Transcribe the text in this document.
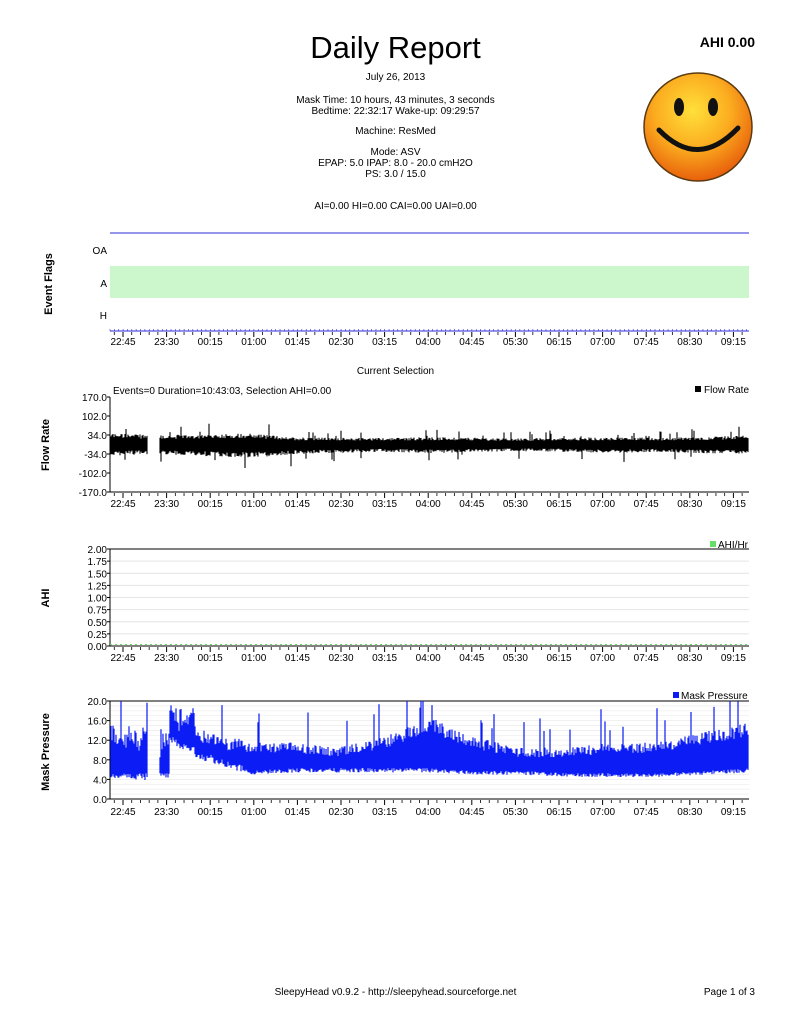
Daily Report	AHI 0.00
July 26, 2013
Mask Time: 10 hours, 43 minutes, 3 seconds
Bedtime: 22:32:17 Wake-up: 09:29:57
Machine: ResMed
Mode: ASV
EPAP: 5.0 IPAP: 8.0 - 20.0 cmH2O
PS: 3.0 / 15.0
AI=0.00 HI=0.00 CAI=0.00 UAI=0.00
Current Selection
OA
A
H
22:45 23:30 00:15 01:00 01:45 02:30 03:15 04:00 04:45 05:30 06:15 07:00 07:45 08:30 09:15
Event Flags
170.0
102.0
34.0
-34.0
-102.0
-170.0
Events=0 Duration=10:43:03, Selection AHI=0.00	Flow Rate
22:45 23:30 00:15 01:00 01:45 02:30 03:15 04:00 04:45 05:30 06:15 07:00 07:45 08:30 09:15
Flow Rate
2.00
1.75
1.50
1.25
1.00
0.75
0.50
0.25
0.00
AHI/Hr
22:45 23:30 00:15 01:00 01:45 02:30 03:15 04:00 04:45 05:30 06:15 07:00 07:45 08:30 09:15
AHI
20.0
16.0
12.0
8.0
4.0
0.0
Mask Pressure
22:45 23:30 00:15 01:00 01:45 02:30 03:15 04:00 04:45 05:30 06:15 07:00 07:45 08:30 09:15
Mask Pressure
SleepyHead v0.9.2 - http://sleepyhead.sourceforge.net	Page 1 of 3
